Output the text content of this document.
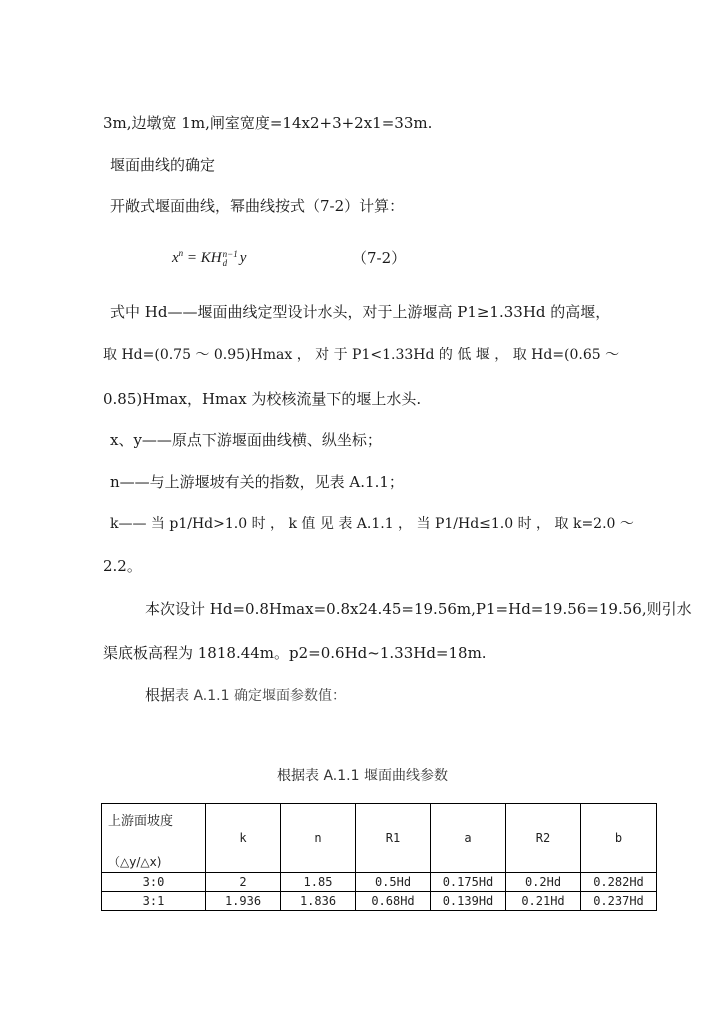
3m,边墩宽 1m,闸室宽度=14x2+3+2x1=33m.
堰面曲线的确定
开敞式堰面曲线，幂曲线按式（7-2）计算：
$x^n$ = KH n−1
d y	（7-2）
式中 Hd——堰面曲线定型设计水头，对于上游堰高 P1≥1.33Hd 的高堰，
取 Hd=(0.75 ～ 0.95)Hmax ， 对 于 P1<1.33Hd 的 低 堰 ， 取 Hd=(0.65 ～
0.85)Hmax，Hmax 为校核流量下的堰上水头.
x、y——原点下游堰面曲线横、纵坐标；
n——与上游堰坡有关的指数，见表 A.1.1；
k—— 当 p1/Hd>1.0 时 ， k 值 见 表 A.1.1 ， 当 P1/Hd≤1.0 时 ， 取 k=2.0 ～
2.2。
本次设计 Hd=0.8Hmax=0.8x24.45=19.56m,P1=Hd=19.56=19.56,则引水
渠底板高程为 1818.44m。p2=0.6Hd~1.33Hd=18m.
根据表 A.1.1 确定堰面参数值：
根据表 A.1.1 堰面曲线参数
上游面坡度
（△y/△x)	k	n	R1	a	R2	b
3:0	2	1.85	0.5Hd	0.175Hd	0.2Hd	0.282Hd
3:1	1.936	1.836	0.68Hd	0.139Hd	0.21Hd	0.237Hd
